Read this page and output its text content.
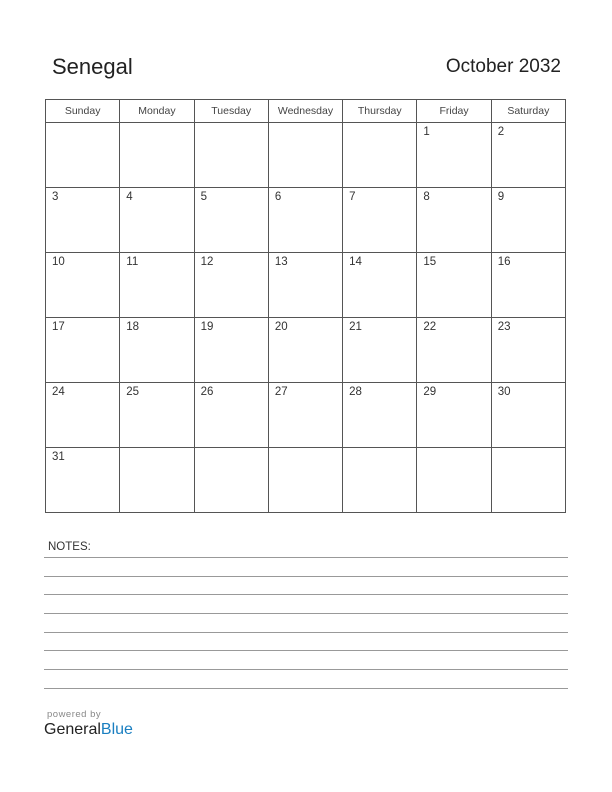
Senegal	October 2032
Sunday	Monday	Tuesday	Wednesday	Thursday	Friday	Saturday

					1	2

3	4	5	6	7	8	9

10	11	12	13	14	15	16

17	18	19	20	21	22	23

24	25	26	27	28	29	30

31						

NOTES:
powered by
GeneralBlue
